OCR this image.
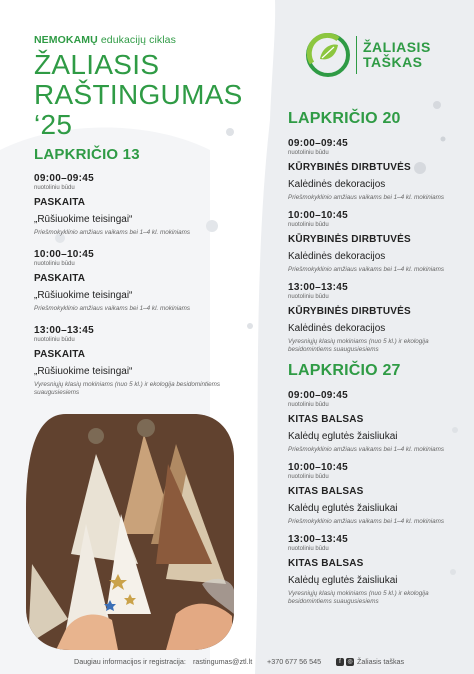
NEMOKAMŲ edukacijų ciklas
ŽALIASIS
RAŠTINGUMAS ‘25
ŽALIASIS
TAŠKAS
LAPKRIČIO 13
09:00–09:45
nuotoliniu būdu
PASKAITA
„Rūšiuokime teisingai“
Priešmokyklinio amžiaus vaikams bei 1–4 kl. mokiniams
10:00–10:45
nuotoliniu būdu
PASKAITA
„Rūšiuokime teisingai“
Priešmokyklinio amžiaus vaikams bei 1–4 kl. mokiniams
13:00–13:45
nuotoliniu būdu
PASKAITA
„Rūšiuokime teisingai“
Vyresniųjų klasių mokiniams (nuo 5 kl.) ir ekologija besidomintiems suaugusiesiems
LAPKRIČIO 20
09:00–09:45
nuotoliniu būdu
KŪRYBINĖS DIRBTUVĖS
Kalėdinės dekoracijos
Priešmokyklinio amžiaus vaikams bei 1–4 kl. mokiniams
10:00–10:45
nuotoliniu būdu
KŪRYBINĖS DIRBTUVĖS
Kalėdinės dekoracijos
Priešmokyklinio amžiaus vaikams bei 1–4 kl. mokiniams
13:00–13:45
nuotoliniu būdu
KŪRYBINĖS DIRBTUVĖS
Kalėdinės dekoracijos
Vyresniųjų klasių mokiniams (nuo 5 kl.) ir ekologija besidomintiems suaugusiesiems
LAPKRIČIO 27
09:00–09:45
nuotoliniu būdu
KITAS BALSAS
Kalėdų eglutės žaisliukai
Priešmokyklinio amžiaus vaikams bei 1–4 kl. mokiniams
10:00–10:45
nuotoliniu būdu
KITAS BALSAS
Kalėdų eglutės žaisliukai
Priešmokyklinio amžiaus vaikams bei 1–4 kl. mokiniams
13:00–13:45
nuotoliniu būdu
KITAS BALSAS
Kalėdų eglutės žaisliukai
Vyresniųjų klasių mokiniams (nuo 5 kl.) ir ekologija besidomintiems suaugusiesiems
Daugiau informacijos ir registracija: rastingumas@ztl.lt +370 677 56 545	f	◎ Žaliasis taškas
